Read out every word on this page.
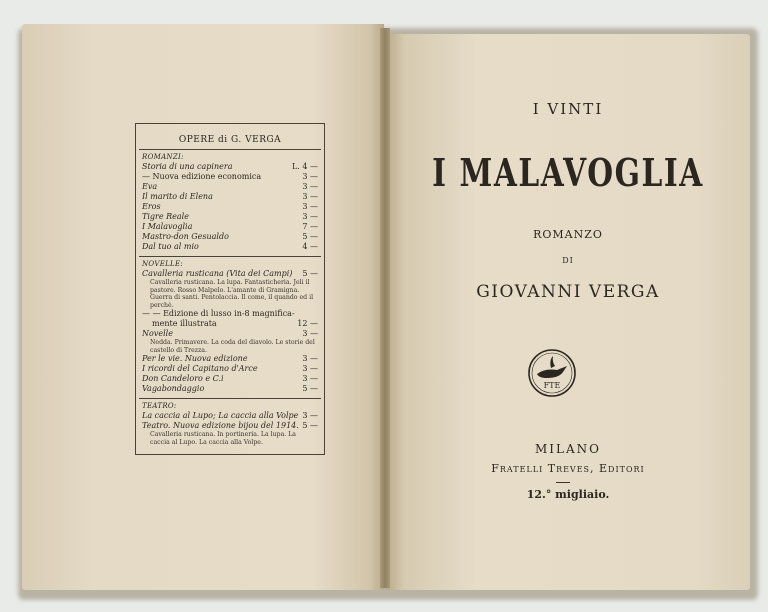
OPERE di G. VERGA
ROMANZI:
Storia di una capinera	L. 4 —
— Nuova edizione economica	3 —
Eva	3 —
Il marito di Elena	3 —
Eros	3 —
Tigre Reale	3 —
I Malavoglia	7 —
Mastro-don Gesualdo	5 —
Dal tuo al mio	4 —
NOVELLE:
Cavalleria rusticana (Vita dei Campi)	5 —
Cavalleria rusticana. La lupa. Fantasticheria. Jeli il pastore. Rosso Malpelo. L'amante di Gramigna. Guerra di santi. Pentolaccia. Il come, il quando ed il perchè.
— — Edizione di lusso in-8 magnifica-
mente illustrata	12 —
Novelle	3 —
Nedda. Primavere. La coda del diavolo. Le storie del castello di Trezza.
Per le vie. Nuova edizione	3 —
I ricordi del Capitano d'Arce	3 —
Don Candeloro e C.i	3 —
Vagabondaggio	5 —
TEATRO:
La caccia al Lupo; La caccia alla Volpe 3 —
Teatro. Nuova edizione bijou del 1914. 5 —
Cavalleria rusticana. In portineria. La lupa. La caccia al Lupo. La caccia alla Volpe.
I VINTI
I MALAVOGLIA
ROMANZO
DI
GIOVANNI VERGA
FTE
MILANO
Fratelli Treves, Editori
12.° migliaio.
